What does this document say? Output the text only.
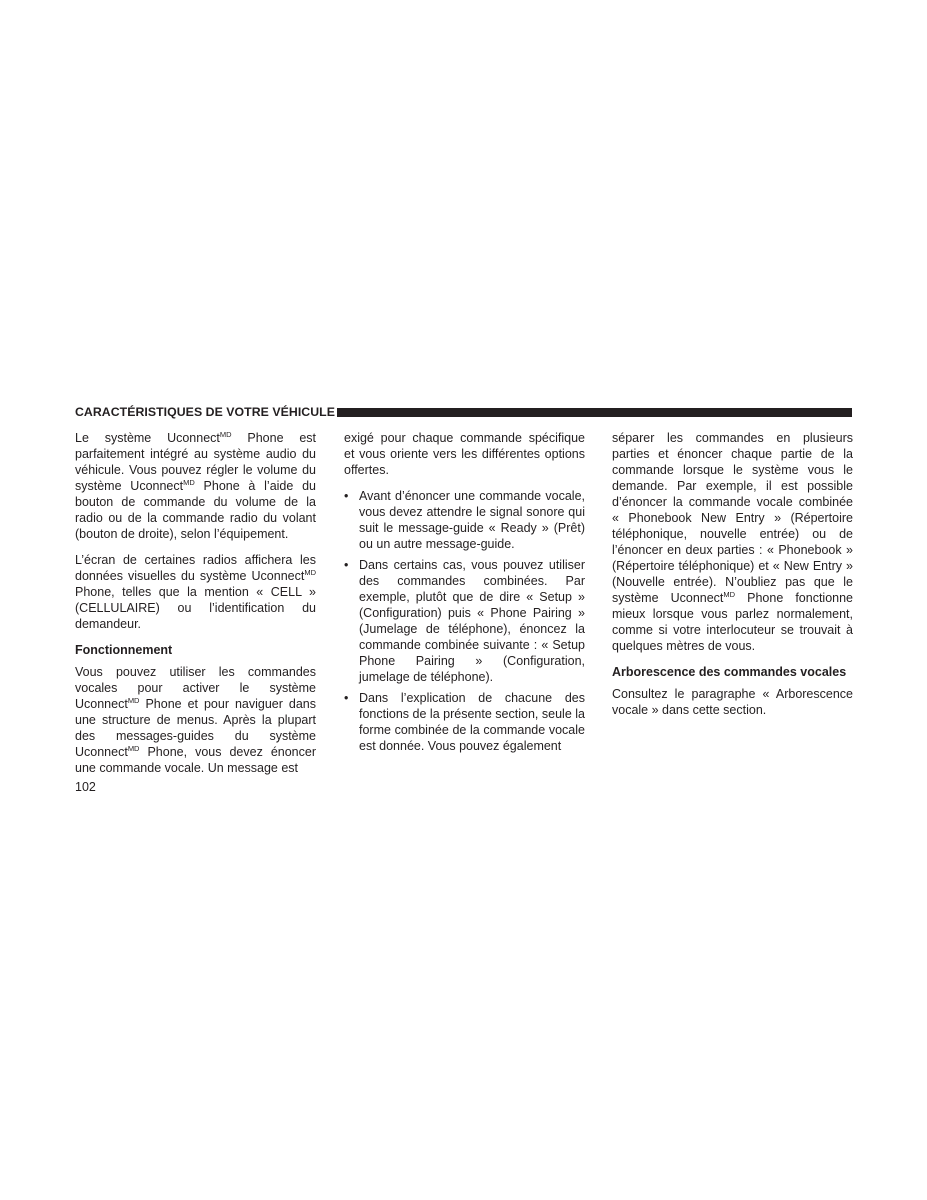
CARACTÉRISTIQUES DE VOTRE VÉHICULE

Le système Uconnect$^{MD}$ Phone est parfaitement intégré au système audio du véhicule. Vous pouvez régler le volume du système Uconnect$^{MD}$ Phone à l’aide du bouton de commande du volume de la radio ou de la commande radio du volant (bouton de droite), selon l’équipement.

L’écran de certaines radios affichera les données visuelles du système Uconnect$^{MD}$ Phone, telles que la mention « CELL » (CELLULAIRE) ou l’identification du demandeur.

Fonctionnement

Vous pouvez utiliser les commandes vocales pour activer le système Uconnect$^{MD}$ Phone et pour naviguer dans une structure de menus. Après la plupart des messages-guides du système Uconnect$^{MD}$ Phone, vous devez énoncer une commande vocale. Un message est

exigé pour chaque commande spécifique et vous oriente vers les différentes options offertes.

• Avant d’énoncer une commande vocale, vous devez attendre le signal sonore qui suit le message-guide « Ready » (Prêt) ou un autre message-guide.
• Dans certains cas, vous pouvez utiliser des commandes combinées. Par exemple, plutôt que de dire « Setup » (Configuration) puis « Phone Pairing » (Jumelage de téléphone), énoncez la commande combinée suivante : « Setup Phone Pairing » (Configuration, jumelage de téléphone).
• Dans l’explication de chacune des fonctions de la présente section, seule la forme combinée de la commande vocale est donnée. Vous pouvez également

séparer les commandes en plusieurs parties et énoncer chaque partie de la commande lorsque le système vous le demande. Par exemple, il est possible d’énoncer la commande vocale combinée « Phonebook New Entry » (Répertoire téléphonique, nouvelle entrée) ou de l’énoncer en deux parties : « Phonebook » (Répertoire téléphonique) et « New Entry » (Nouvelle entrée). N’oubliez pas que le système Uconnect$^{MD}$ Phone fonctionne mieux lorsque vous parlez normalement, comme si votre interlocuteur se trouvait à quelques mètres de vous.

Arborescence des commandes vocales

Consultez le paragraphe « Arborescence vocale » dans cette section.

102
